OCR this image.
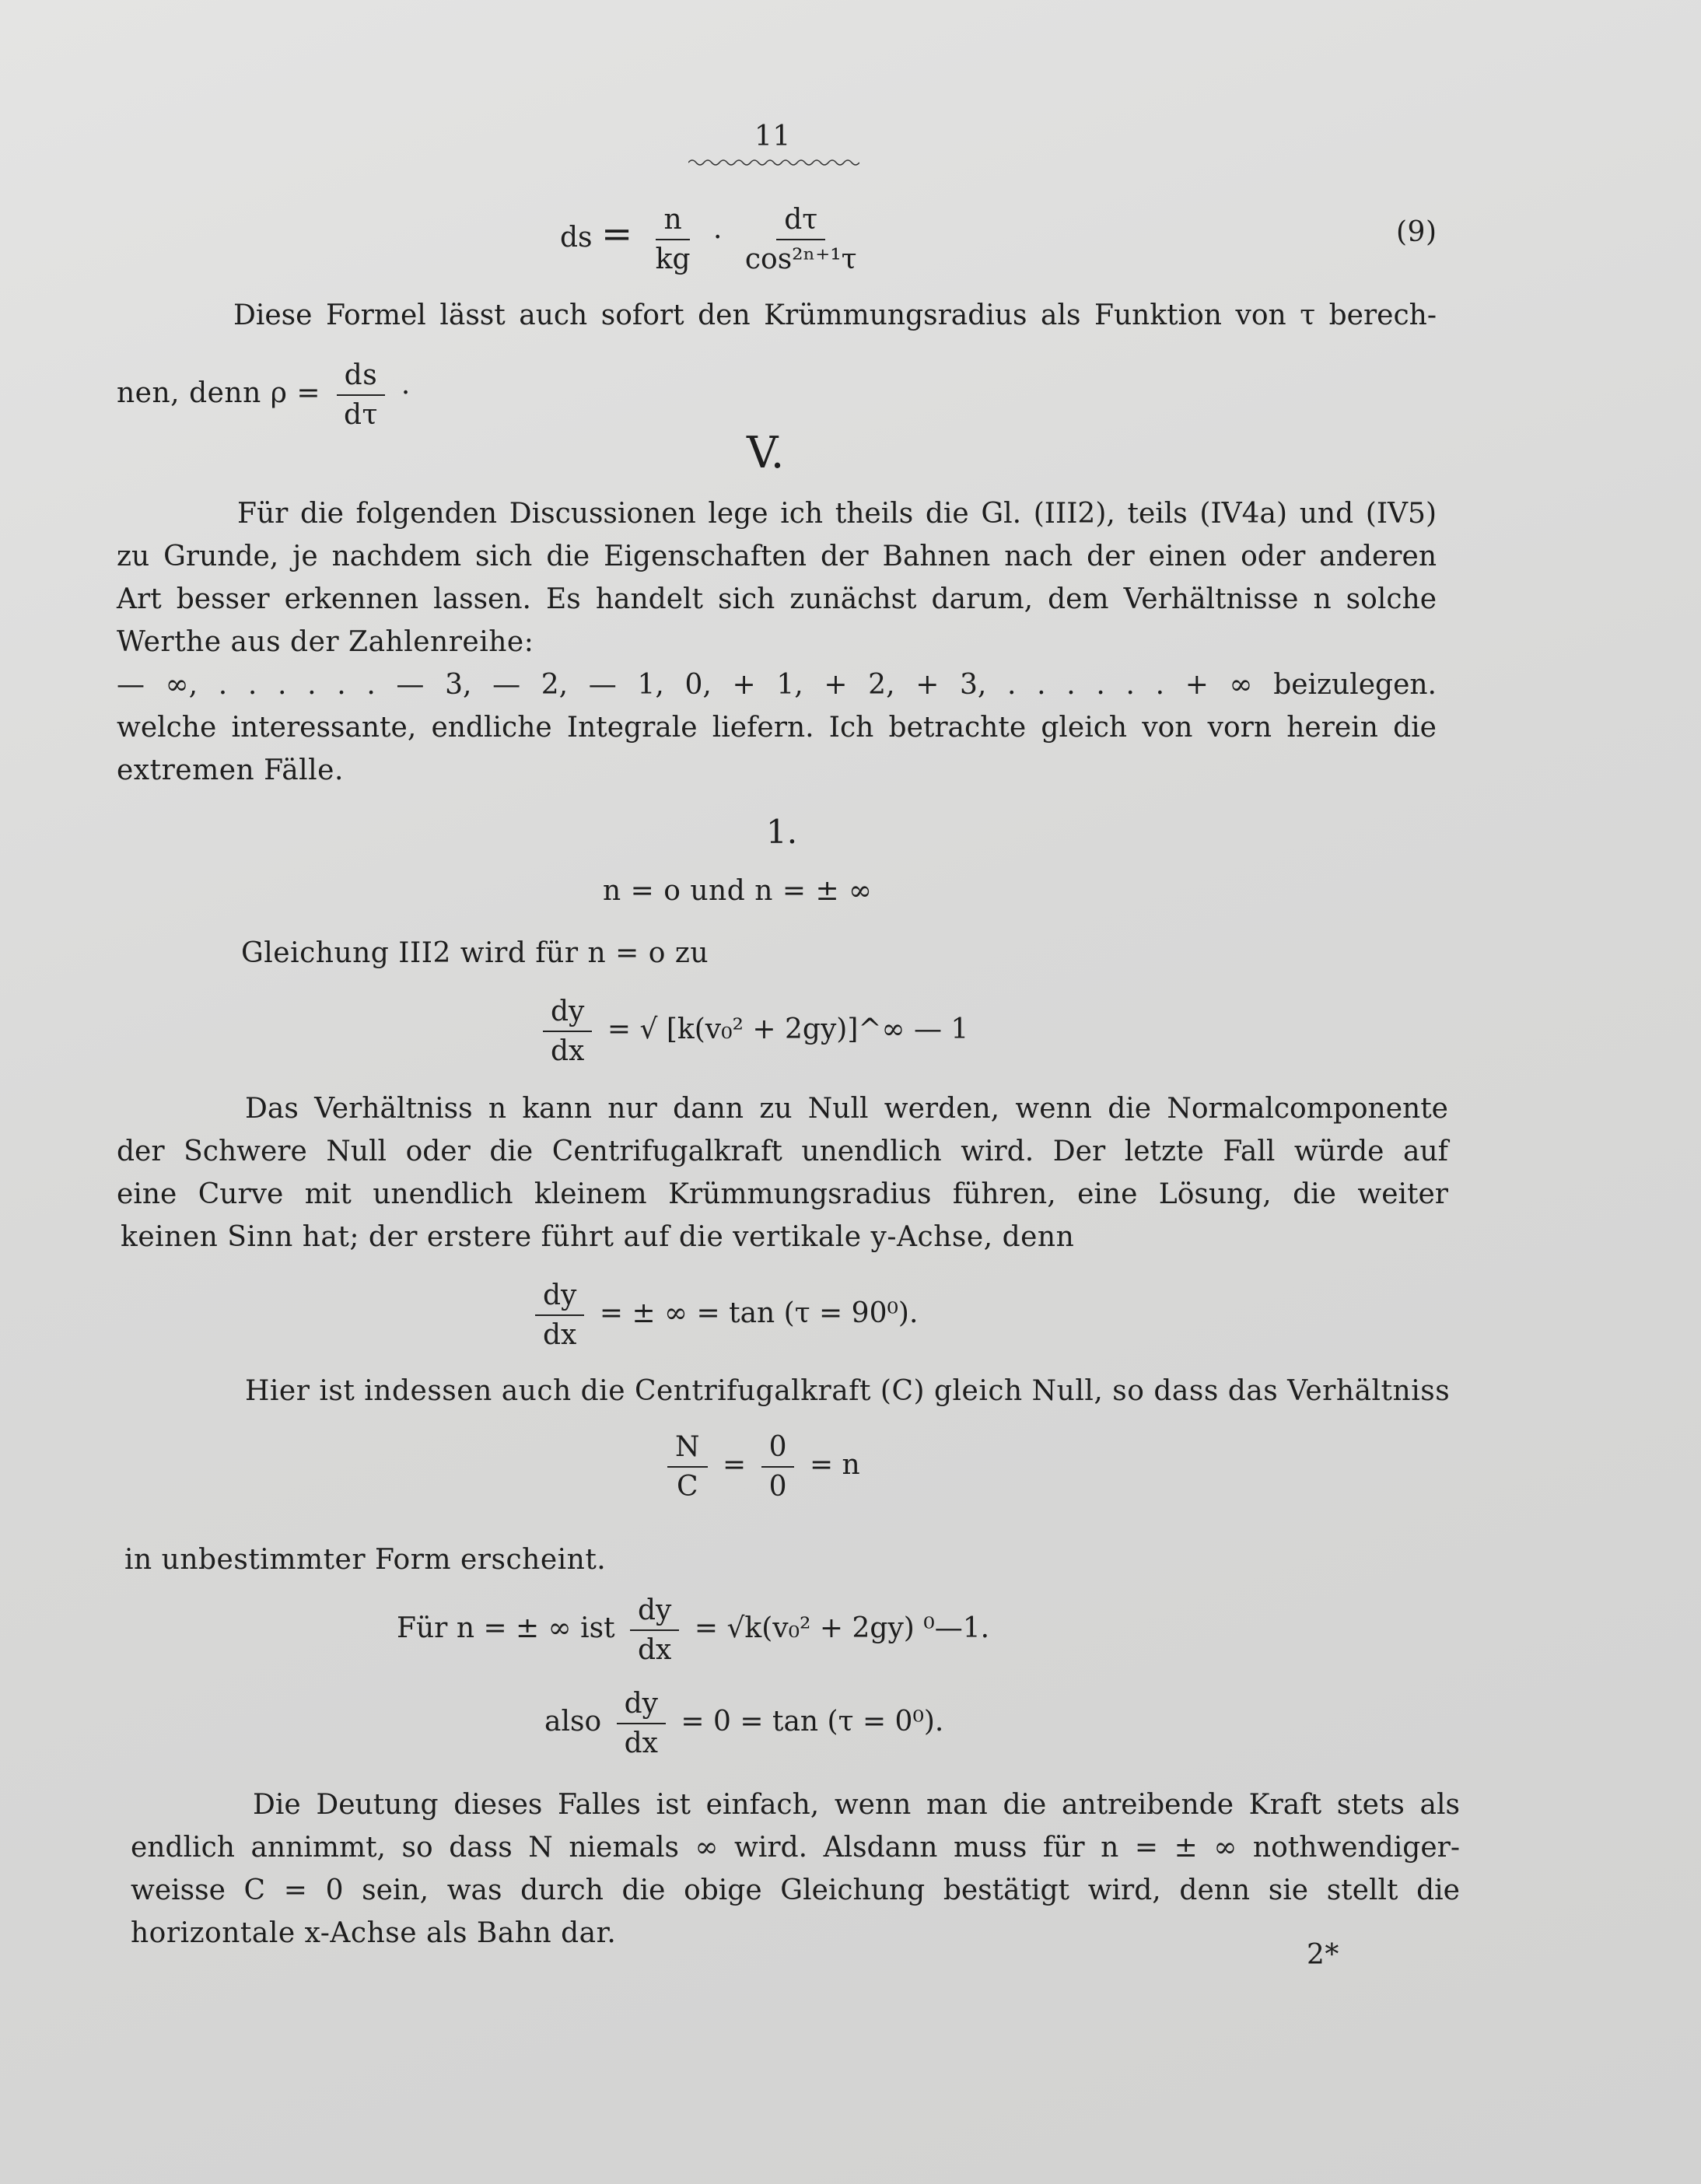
11
ds = $\frac{n}{kg} \cdot \frac{d\tau}{\text{cos²ⁿ⁺¹τ}}$	(9)
Diese Formel lässt auch sofort den Krümmungsradius als Funktion von τ berech-
nen, denn $\rho = \frac{ds}{d\tau}$ ·
V.
Für die folgenden Discussionen lege ich theils die Gl. (III2), teils (IV4a) und (IV5)
zu Grunde, je nachdem sich die Eigenschaften der Bahnen nach der einen oder anderen
Art besser erkennen lassen. Es handelt sich zunächst darum, dem Verhältnisse n solche
Werthe aus der Zahlenreihe:
— ∞, . . . . . . — 3, — 2, — 1, 0, + 1, + 2, + 3, . . . . . . + ∞ beizulegen.
welche interessante, endliche Integrale liefern. Ich betrachte gleich von vorn herein die
extremen Fälle.
1.
n = o und n = ± ∞
Gleichung III2 wird für n = o zu
$\frac{dy}{dx}$ = √ [k(v₀² + 2gy)]^∞ — 1
Das Verhältniss n kann nur dann zu Null werden, wenn die Normalcomponente
der Schwere Null oder die Centrifugalkraft unendlich wird. Der letzte Fall würde auf
eine Curve mit unendlich kleinem Krümmungsradius führen, eine Lösung, die weiter
keinen Sinn hat; der erstere führt auf die vertikale y-Achse, denn
$\frac{dy}{dx}$ = ± ∞ = tan (τ = 90⁰).
Hier ist indessen auch die Centrifugalkraft (C) gleich Null, so dass das Verhältniss
$\frac{N}{C} = \frac{0}{0} = n$
in unbestimmter Form erscheint.
Für n = ± ∞ ist $\frac{dy}{dx} = √k(v_0^2 + 2gy)$ ⁰—1.
also $\frac{dy}{dx} = 0 = \tan (\tau = 0^0)$.
Die Deutung dieses Falles ist einfach, wenn man die antreibende Kraft stets als
endlich annimmt, so dass N niemals ∞ wird. Alsdann muss für n = ± ∞ nothwendiger-
weisse C = 0 sein, was durch die obige Gleichung bestätigt wird, denn sie stellt die
horizontale x-Achse als Bahn dar.
2*
